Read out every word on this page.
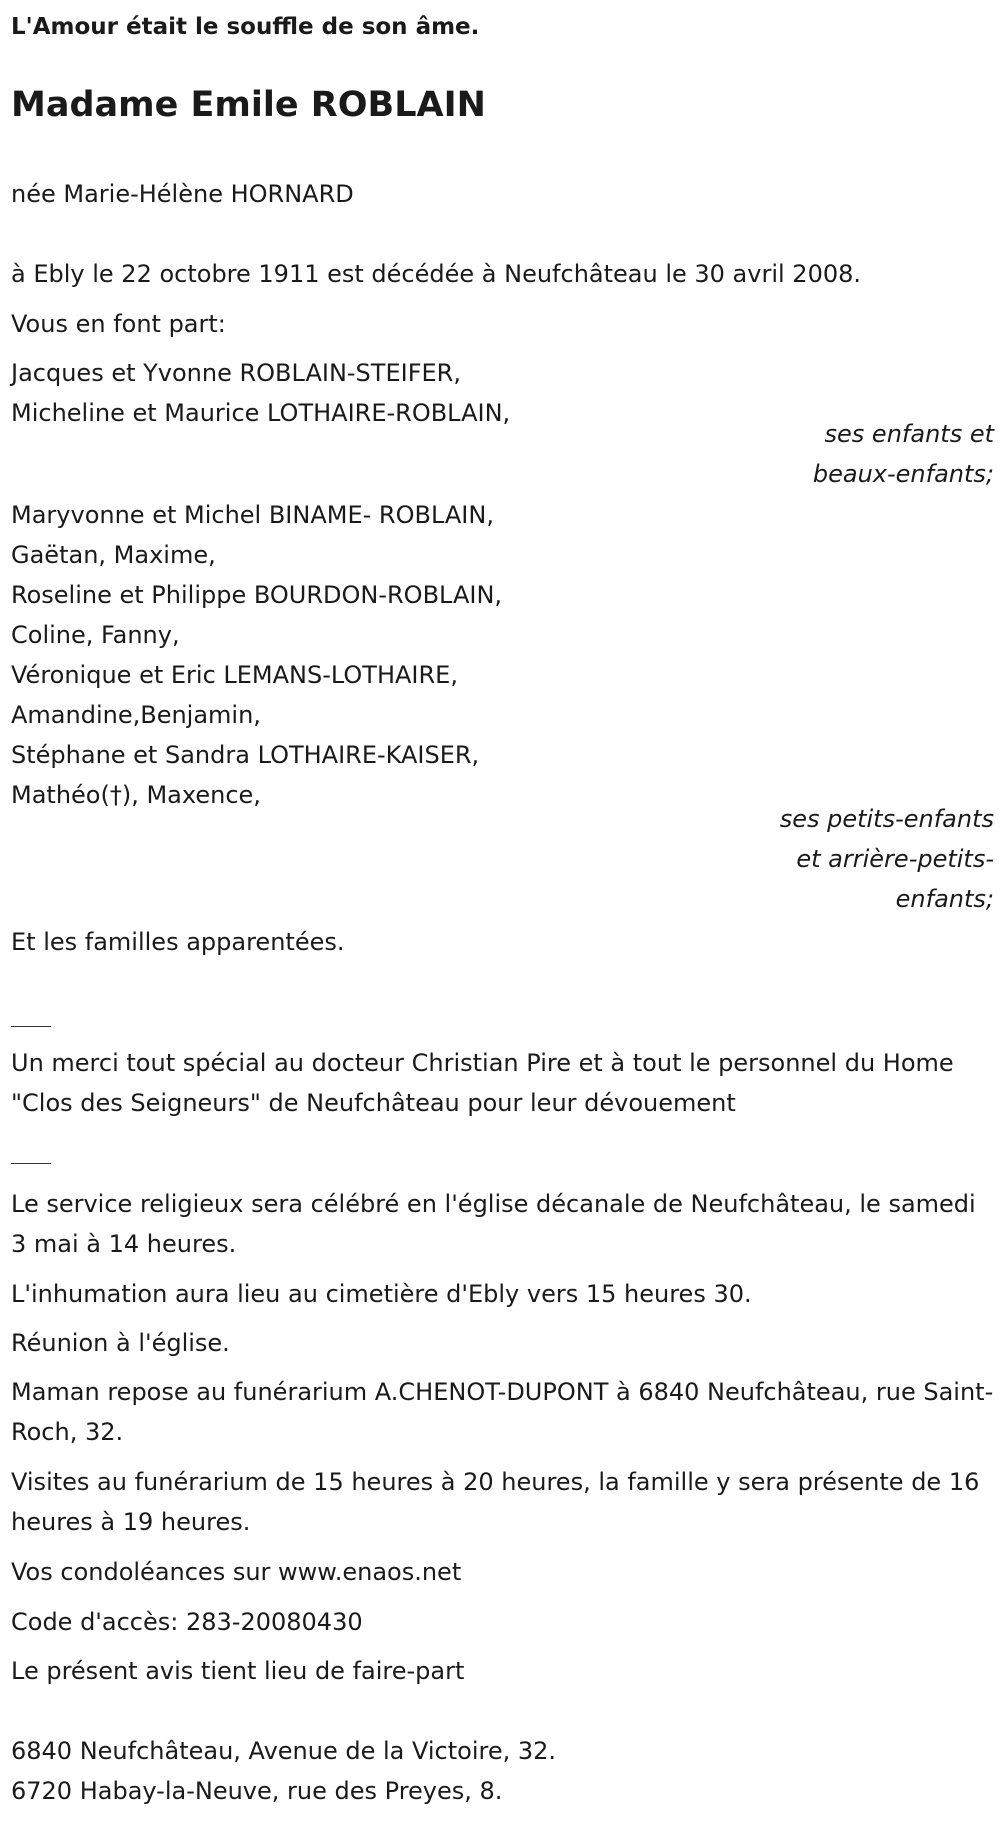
L'Amour était le souffle de son âme.

Madame Emile ROBLAIN

née Marie-Hélène HORNARD

à Ebly le 22 octobre 1911 est décédée à Neufchâteau le 30 avril 2008.

Vous en font part:

Jacques et Yvonne ROBLAIN-STEIFER,
Micheline et Maurice LOTHAIRE-ROBLAIN,
ses enfants et
beaux-enfants;
Maryvonne et Michel BINAME- ROBLAIN,
Gaëtan, Maxime,
Roseline et Philippe BOURDON-ROBLAIN,
Coline, Fanny,
Véronique et Eric LEMANS-LOTHAIRE,
Amandine,Benjamin,
Stéphane et Sandra LOTHAIRE-KAISER,
Mathéo(†), Maxence,
ses petits-enfants
et arrière-petits-
enfants;

Et les familles apparentées.

Un merci tout spécial au docteur Christian Pire et à tout le personnel du Home "Clos des Seigneurs" de Neufchâteau pour leur dévouement

Le service religieux sera célébré en l'église décanale de Neufchâteau, le samedi 3 mai à 14 heures.

L'inhumation aura lieu au cimetière d'Ebly vers 15 heures 30.

Réunion à l'église.

Maman repose au funérarium A.CHENOT-DUPONT à 6840 Neufchâteau, rue Saint-Roch, 32.

Visites au funérarium de 15 heures à 20 heures, la famille y sera présente de 16 heures à 19 heures.

Vos condoléances sur www.enaos.net

Code d'accès: 283-20080430

Le présent avis tient lieu de faire-part

6840 Neufchâteau, Avenue de la Victoire, 32.
6720 Habay-la-Neuve, rue des Preyes, 8.
